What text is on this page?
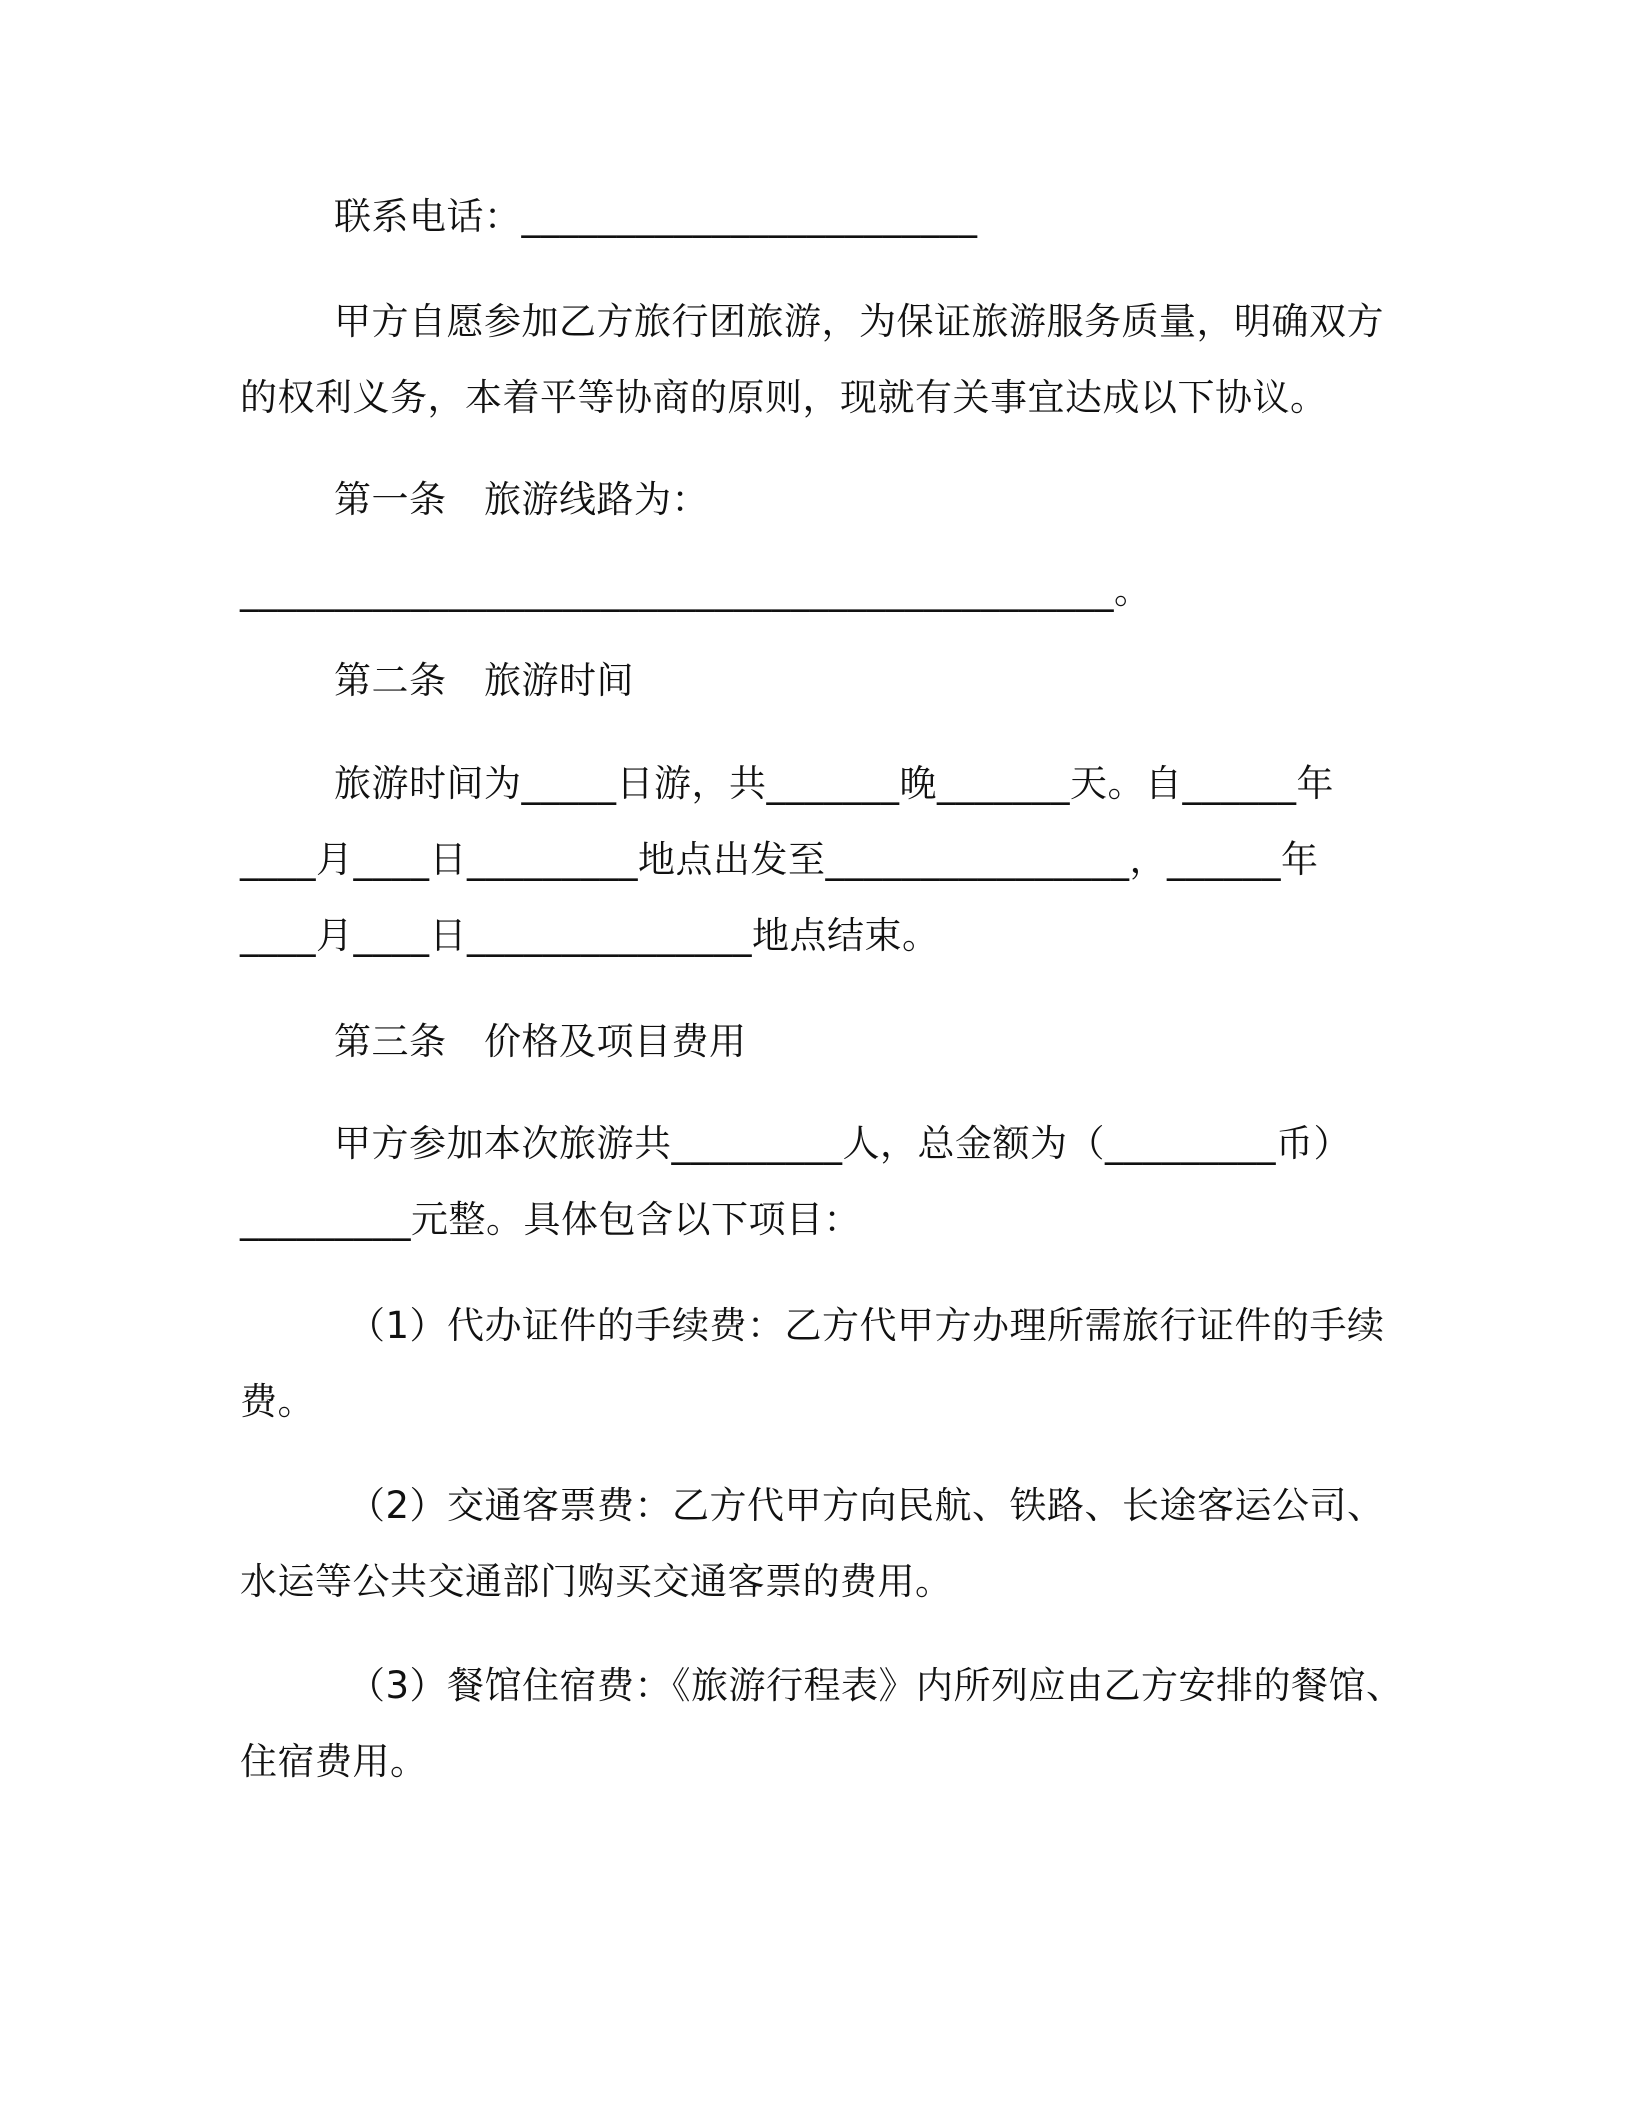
联系电话：________________________
甲方自愿参加乙方旅行团旅游，为保证旅游服务质量，明确双方
的权利义务，本着平等协商的原则，现就有关事宜达成以下协议。
第一条　旅游线路为：
______________________________________________。
第二条　旅游时间
旅游时间为_____日游，共_______晚_______天。自______年
____月____日_________地点出发至________________，______年
____月____日_______________地点结束。
第三条　价格及项目费用
甲方参加本次旅游共_________人，总金额为（_________币）
_________元整。具体包含以下项目：
（1）代办证件的手续费：乙方代甲方办理所需旅行证件的手续
费。
（2）交通客票费：乙方代甲方向民航、铁路、长途客运公司、
水运等公共交通部门购买交通客票的费用。
（3）餐馆住宿费：《旅游行程表》内所列应由乙方安排的餐馆、
住宿费用。
